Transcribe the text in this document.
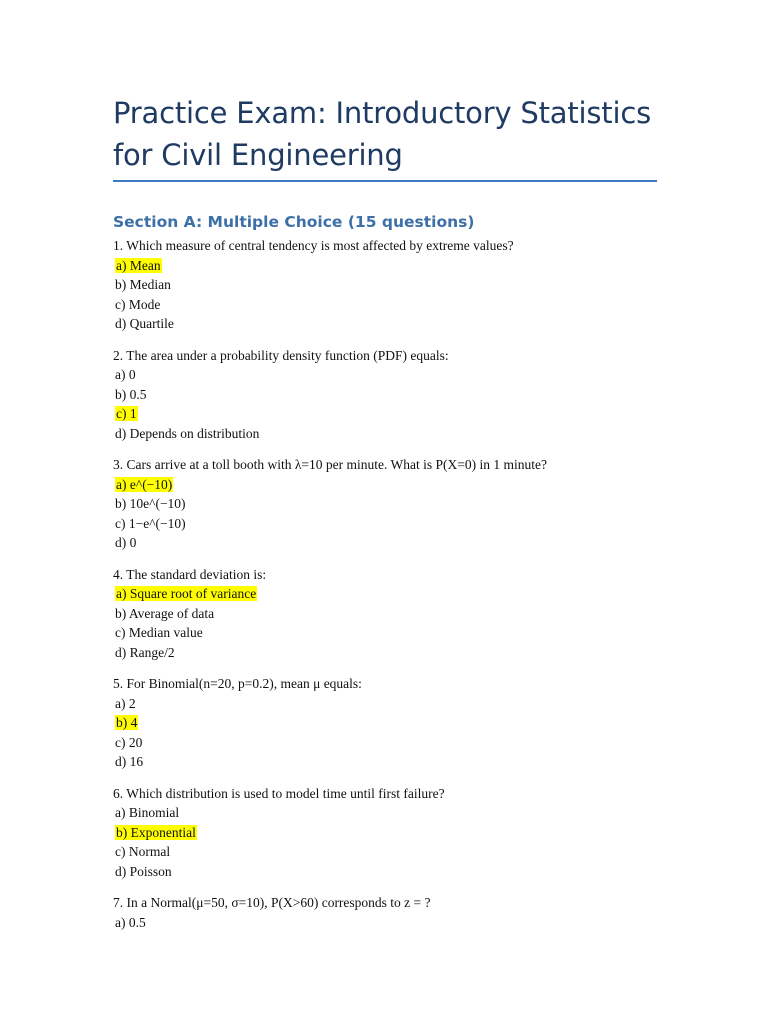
Practice Exam: Introductory Statistics for Civil Engineering
Section A: Multiple Choice (15 questions)
1. Which measure of central tendency is most affected by extreme values?
a) Mean
b) Median
c) Mode
d) Quartile
2. The area under a probability density function (PDF) equals:
a) 0
b) 0.5
c) 1
d) Depends on distribution
3. Cars arrive at a toll booth with λ=10 per minute. What is P(X=0) in 1 minute?
a) e^(−10)
b) 10e^(−10)
c) 1−e^(−10)
d) 0
4. The standard deviation is:
a) Square root of variance
b) Average of data
c) Median value
d) Range/2
5. For Binomial(n=20, p=0.2), mean μ equals:
a) 2
b) 4
c) 20
d) 16
6. Which distribution is used to model time until first failure?
a) Binomial
b) Exponential
c) Normal
d) Poisson
7. In a Normal(μ=50, σ=10), P(X>60) corresponds to z = ?
a) 0.5
